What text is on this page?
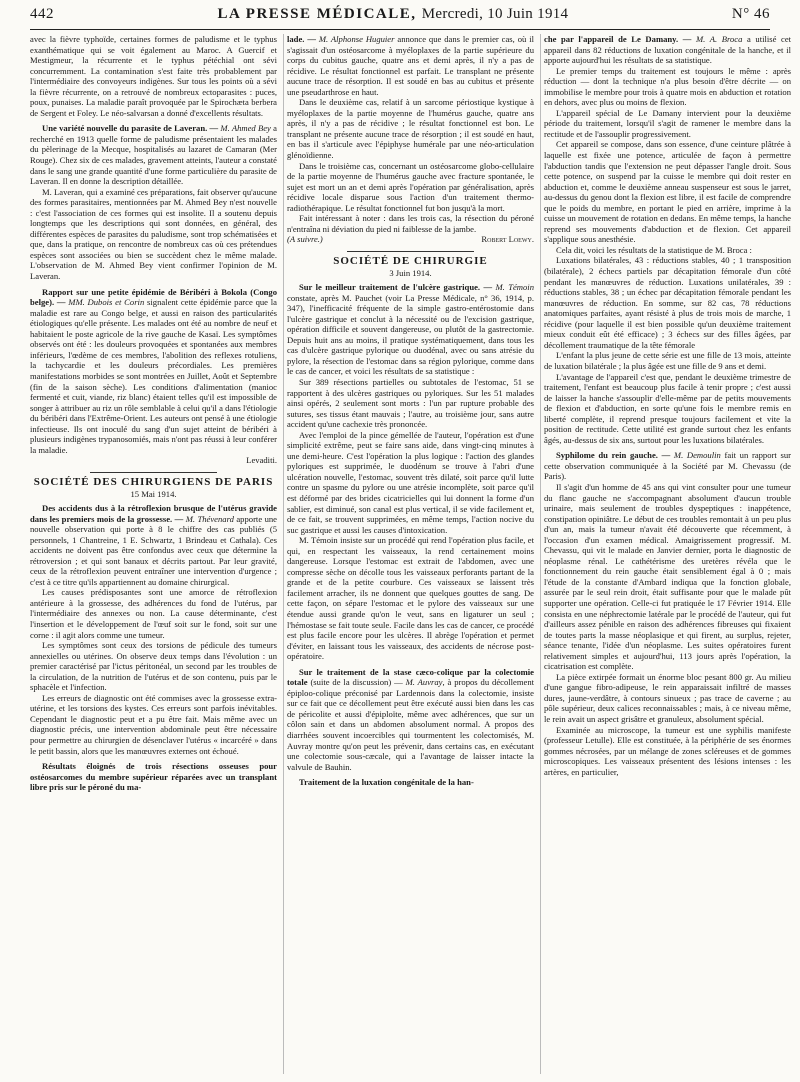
442	LA PRESSE MÉDICALE, Mercredi, 10 Juin 1914	N° 46

avec la fièvre typhoïde, certaines formes de paludisme et le typhus exanthématique qui se voit également au Maroc. A Guercif et Mestigmeur, la récurrente et le typhus pétéchial ont sévi concurremment. La contamination s'est faite très probablement par l'intermédiaire des convoyeurs indigènes. Sur tous les points où a sévi la fièvre récurrente, on a retrouvé de nombreux ectoparasites : puces, poux, punaises. La maladie paraît provoquée par le Spirochæta berbera de Sergent et Foley. Le néo-salvarsan a donné d'excellents résultats.

Une variété nouvelle du parasite de Laveran. — M. Ahmed Bey a recherché en 1913 quelle forme de paludisme présentaient les malades du pèlerinage de la Mecque, hospitalisés au lazaret de Camaran (Mer Rouge). Chez six de ces malades, gravement atteints, l'auteur a constaté dans le sang une grande quantité d'une forme particulière du parasite de Laveran. Il en donne la description détaillée.

M. Laveran, qui a examiné ces préparations, fait observer qu'aucune des formes parasitaires, mentionnées par M. Ahmed Bey n'est nouvelle : c'est l'association de ces formes qui est insolite. Il a soutenu depuis longtemps que les descriptions qui sont données, en général, des différentes espèces de parasites du paludisme, sont trop schématisées et que, dans la pratique, on rencontre de nombreux cas où ces prétendues espèces sont associées ou bien se succèdent chez le même malade. L'observation de M. Ahmed Bey vient confirmer l'opinion de M. Laveran.

Rapport sur une petite épidémie de Béribéri à Bokola (Congo belge). — MM. Dubois et Corin signalent cette épidémie parce que la maladie est rare au Congo belge, et aussi en raison des particularités étiologiques qu'elle présente. Les malades ont été au nombre de neuf et habitaient le poste agricole de la rive gauche de Kasaï. Les symptômes observés ont été : les douleurs provoquées et spontanées aux membres inférieurs, l'œdème de ces membres, l'abolition des reflexes rotuliens, la tachycardie et les douleurs précordiales. Les premières manifestations morbides se sont montrées en Juillet, Août et Septembre (fin de la saison sèche). Les conditions d'alimentation (manioc fermenté et cuit, viande, riz blanc) étaient telles qu'il est impossible de songer à attribuer au riz un rôle semblable à celui qu'il a dans l'étiologie du béribéri dans l'Extrême-Orient. Les auteurs ont pensé à une étiologie infectieuse. Ils ont inoculé du sang d'un sujet atteint de béribéri à plusieurs indigènes trypanosomiés, mais n'ont pas réussi à leur conférer la maladie.

Levaditi.

SOCIÉTÉ DES CHIRURGIENS DE PARIS
15 Mai 1914.

Des accidents dus à la rétroflexion brusque de l'utérus gravide dans les premiers mois de la grossesse. — M. Thévenard apporte une nouvelle observation qui porte à 8 le chiffre des cas publiés (5 personnels, 1 Chantreine, 1 E. Schwartz, 1 Brindeau et Cathala). Ces accidents ne doivent pas être confondus avec ceux que détermine la rétroversion ; et qui sont banaux et décrits partout. Par leur gravité, ceux de la rétroflexion peuvent entraîner une intervention d'urgence ; c'est à ce titre qu'ils appartiennent au domaine chirurgical.

Les causes prédisposantes sont une amorce de rétroflexion antérieure à la grossesse, des adhérences du fond de l'utérus, par l'intermédiaire des annexes ou non. La cause déterminante, c'est l'insertion et le développement de l'œuf soit sur le fond, soit sur une corne : il agit alors comme une tumeur.

Les symptômes sont ceux des torsions de pédicule des tumeurs annexielles ou utérines. On observe deux temps dans l'évolution : un premier caractérisé par l'ictus péritonéal, un second par les troubles de la circulation, de la nutrition de l'utérus et de son contenu, puis par le sphacèle et l'infection.

Les erreurs de diagnostic ont été commises avec la grossesse extra-utérine, et les torsions des kystes. Ces erreurs sont parfois inévitables. Cependant le diagnostic peut et a pu être fait. Mais même avec un diagnostic précis, une intervention abdominale peut être nécessaire pour permettre au chirurgien de désenclaver l'utérus « incarcéré » dans le petit bassin, alors que les manœuvres externes ont échoué.

Résultats éloignés de trois résections osseuses pour ostéosarcomes du membre supérieur réparées avec un transplant libre pris sur le péroné du ma-

lade. — M. Alphonse Huguier annonce que dans le premier cas, où il s'agissait d'un ostéosarcome à myéloplaxes de la partie supérieure du corps du cubitus gauche, quatre ans et demi après, il n'y a pas de récidive. Le résultat fonctionnel est parfait. Le transplant ne présente aucune trace de résorption. Il est soudé en bas au cubitus et présente une pseudarthrose en haut.

Dans le deuxième cas, relatif à un sarcome périostique kystique à myéloplaxes de la partie moyenne de l'humérus gauche, quatre ans après, il n'y a pas de récidive ; le résultat fonctionnel est bon. Le transplant ne présente aucune trace de résorption ; il est soudé en haut, en bas il s'articule avec l'épiphyse humérale par une néo-articulation glénoïdienne.

Dans le troisième cas, concernant un ostéosarcome globo-cellulaire de la partie moyenne de l'humérus gauche avec fracture spontanée, le sujet est mort un an et demi après l'opération par généralisation, après récidive locale disparue sous l'action d'un traitement thermo-radiothérapique. Le résultat fonctionnel fut bon jusqu'à la mort.

Fait intéressant à noter : dans les trois cas, la résection du péroné n'entraîna ni déviation du pied ni faiblesse de la jambe.

(A suivre.)	Robert Loewy.

SOCIÉTÉ DE CHIRURGIE
3 Juin 1914.

Sur le meilleur traitement de l'ulcère gastrique. — M. Témoin constate, après M. Pauchet (voir La Presse Médicale, n° 36, 1914, p. 347), l'inefficacité fréquente de la simple gastro-entérostomie dans l'ulcère gastrique et conclut à la nécessité ou de l'excision gastrique, opération difficile et souvent dangereuse, ou plutôt de la gastrectomie. Depuis huit ans au moins, il pratique systématiquement, dans tous les cas d'ulcère gastrique pylorique ou duodénal, avec ou sans atrésie du pylore, la résection de l'estomac dans sa région pylorique, comme dans le cas de cancer, et voici les résultats de sa statistique :

Sur 389 résections partielles ou subtotales de l'estomac, 51 se rapportent à des ulcères gastriques ou pyloriques. Sur les 51 malades ainsi opérés, 2 seulement sont morts : l'un par rupture probable des sutures, ses tissus étant mauvais ; l'autre, au troisième jour, sans autre accident qu'une cachexie très prononcée.

Avec l'emploi de la pince gémellée de l'auteur, l'opération est d'une simplicité extrême, peut se faire sans aide, dans vingt-cinq minutes à une demi-heure. C'est l'opération la plus logique : l'action des glandes pyloriques est supprimée, le duodénum se trouve à l'abri d'une ulcération nouvelle, l'estomac, souvent très dilaté, soit parce qu'il lutte contre un spasme du pylore ou une atrésie incomplète, soit parce qu'il est déformé par des brides cicatricielles qui lui donnent la forme d'un sablier, est diminué, son canal est plus vertical, il se vide facilement et, de ce fait, se trouvent supprimées, en même temps, l'action nocive du suc gastrique et aussi les causes d'intoxication.

M. Témoin insiste sur un procédé qui rend l'opération plus facile, et qui, en respectant les vaisseaux, la rend certainement moins dangereuse. Lorsque l'estomac est extrait de l'abdomen, avec une compresse sèche on décolle tous les vaisseaux perforants partant de la grande et de la petite courbure. Ces vaisseaux se laissent très facilement arracher, ils ne donnent que quelques gouttes de sang. De cette façon, on sépare l'estomac et le pylore des vaisseaux sur une étendue aussi grande qu'on le veut, sans en ligaturer un seul ; l'hémostase se fait toute seule. Facile dans les cas de cancer, ce procédé est plus facile encore pour les ulcères. Il abrège l'opération et permet d'éviter, en laissant tous les vaisseaux, des accidents de nécrose post-opératoire.

Sur le traitement de la stase cæco-colique par la colectomie totale (suite de la discussion) — M. Auvray, à propos du décollement épiploo-colique préconisé par Lardennois dans la colectomie, insiste sur ce fait que ce décollement peut être exécuté aussi bien dans les cas de péricolite et aussi d'épiploïte, même avec adhérences, que sur un côlon sain et dans un abdomen absolument normal. A propos des diarrhées souvent incoercibles qui tourmentent les colectomisés, M. Auvray montre qu'on peut les prévenir, dans certains cas, en exécutant une colectomie sous-cæcale, qui a l'avantage de laisser intacte la valvule de Bauhin.

Traitement de la luxation congénitale de la han-

che par l'appareil de Le Damany. — M. A. Broca a utilisé cet appareil dans 82 réductions de luxation congénitale de la hanche, et il apporte aujourd'hui les résultats de sa statistique.

Le premier temps du traitement est toujours le même : après réduction — dont la technique n'a plus besoin d'être décrite — on immobilise le membre pour trois à quatre mois en abduction et rotation en dehors, avec plus ou moins de flexion.

L'appareil spécial de Le Damany intervient pour la deuxième période du traitement, lorsqu'il s'agit de ramener le membre dans la rectitude et de l'assouplir progressivement.

Cet appareil se compose, dans son essence, d'une ceinture plâtrée à laquelle est fixée une potence, articulée de façon à permettre l'abduction tandis que l'extension ne peut dépasser l'angle droit. Sous cette potence, on suspend par la cuisse le membre qui doit rester en abduction et, comme le deuxième anneau suspenseur est sous le jarret, au-dessus du genou dont la flexion est libre, il est facile de comprendre que le poids du membre, en portant le pied en arrière, imprime à la cuisse un mouvement de rotation en dedans. En même temps, la hanche reprend ses mouvements d'abduction et de flexion. Cet appareil s'applique sous anesthésie.

Cela dit, voici les résultats de la statistique de M. Broca :

Luxations bilatérales, 43 : réductions stables, 40 ; 1 transposition (bilatérale), 2 échecs partiels par décapitation fémorale d'un côté pendant les manœuvres de réduction. Luxations unilatérales, 39 : réductions stables, 38 ; un échec par décapitation fémorale pendant les manœuvres de réduction. En somme, sur 82 cas, 78 réductions anatomiques parfaites, ayant résisté à plus de trois mois de marche, 1 récidive (pour laquelle il est bien possible qu'un deuxième traitement mieux conduit eût été efficace) ; 3 échecs sur des filles âgées, par décollement traumatique de la tête fémorale

L'enfant la plus jeune de cette série est une fille de 13 mois, atteinte de luxation bilatérale ; la plus âgée est une fille de 9 ans et demi.

L'avantage de l'appareil c'est que, pendant le deuxième trimestre de traitement, l'enfant est beaucoup plus facile à tenir propre ; c'est aussi de laisser la hanche s'assouplir d'elle-même par de petits mouvements de flexion et d'abduction, en sorte qu'une fois le membre remis en liberté complète, il reprend presque toujours facilement et vite la position de rectitude. Cette utilité est grande surtout chez les enfants âgés, au-dessus de six ans, surtout pour les luxations bilatérales.

Syphilome du rein gauche. — M. Demoulin fait un rapport sur cette observation communiquée à la Société par M. Chevassu (de Paris).

Il s'agit d'un homme de 45 ans qui vint consulter pour une tumeur du flanc gauche ne s'accompagnant absolument d'aucun trouble urinaire, mais seulement de troubles dyspeptiques : inappétence, constipation opiniâtre. Le début de ces troubles remontait à un peu plus d'un an, mais la tumeur n'avait été découverte que récemment, à l'occasion d'un examen médical. Amaigrissement progressif. M. Chevassu, qui vit le malade en Janvier dernier, porta le diagnostic de néoplasme rénal. Le cathétérisme des uretères révéla que le fonctionnement du rein gauche était sensiblement égal à 0 ; mais l'étude de la constante d'Ambard indiqua que la fonction globale, assurée par le seul rein droit, était suffisante pour que le malade pût supporter une opération. Celle-ci fut pratiquée le 17 Février 1914. Elle consista en une néphrectomie latérale par le procédé de l'auteur, qui fut d'ailleurs assez pénible en raison des adhérences fibreuses qui fixaient de toutes parts la masse néoplasique et qui firent, au surplus, rejeter, séance tenante, l'idée d'un néoplasme. Les suites opératoires furent relativement simples et aujourd'hui, 113 jours après l'opération, la cicatrisation est complète.

La pièce extirpée formait un énorme bloc pesant 800 gr. Au milieu d'une gangue fibro-adipeuse, le rein apparaissait infiltré de masses dures, jaune-verdâtre, à contours sinueux ; pas trace de caverne ; au pôle supérieur, deux calices reconnaissables ; mais, à ce niveau même, le rein avait un aspect grisâtre et granuleux, absolument spécial.

Examinée au microscope, la tumeur est une syphilis manifeste (professeur Letulle). Elle est constituée, à la périphérie de ses énormes gommes nécrosées, par un mélange de zones scléreuses et de gommes microscopiques. Les vaisseaux présentent des lésions intenses : les artères, en particulier,
